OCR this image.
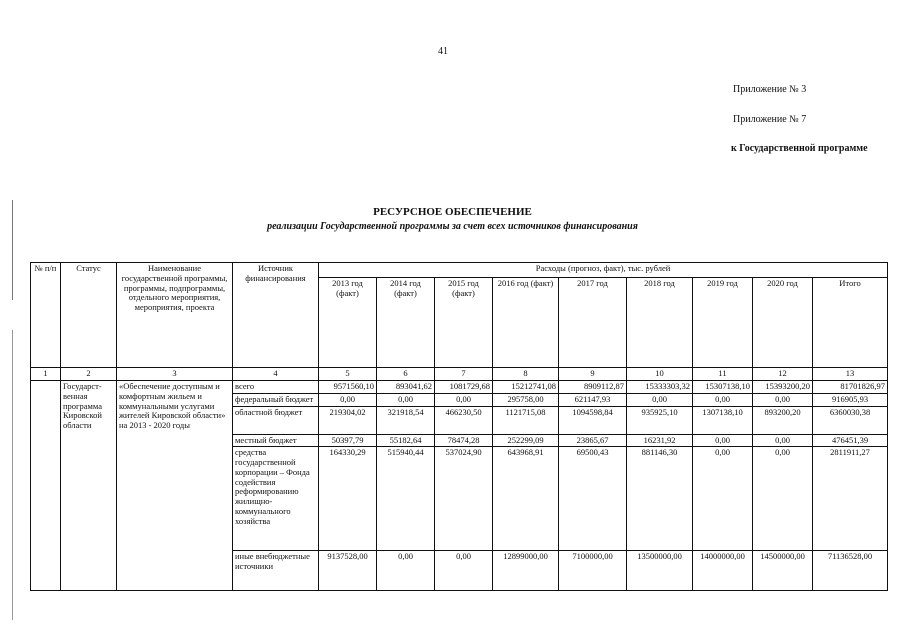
41
Приложение № 3
Приложение № 7
к Государственной программе
РЕСУРСНОЕ ОБЕСПЕЧЕНИЕ
реализации Государственной программы за счет всех источников финансирования
№ п/п	Статус	Наименование государственной программы, программы, подпрограммы, отдельного мероприятия, мероприятия, проекта	Источник финансирования	Расходы (прогноз, факт), тыс. рублей								
				2013 год (факт)	2014 год (факт)	2015 год (факт)	2016 год (факт)	2017 год	2018 год	2019 год	2020 год	Итого
1	2	3	4	5	6	7	8	9	10	11	12	13
	Государст-венная программа Кировской области	«Обеспечение доступным и комфортным жильем и коммунальными услугами жителей Кировской области» на 2013 - 2020 годы	всего	9571560,10	893041,62	1081729,68	15212741,08	8909112,87	15333303,32	15307138,10	15393200,20	81701826,97
			федеральный бюджет	0,00	0,00	0,00	295758,00	621147,93	0,00	0,00	0,00	916905,93
			областной бюджет	219304,02	321918,54	466230,50	1121715,08	1094598,84	935925,10	1307138,10	893200,20	6360030,38
			местный бюджет	50397,79	55182,64	78474,28	252299,09	23865,67	16231,92	0,00	0,00	476451,39
			средства государственной корпорации – Фонда содействия реформированию жилищно-коммунального хозяйства	164330,29	515940,44	537024,90	643968,91	69500,43	881146,30	0,00	0,00	2811911,27
			иные внебюджетные источники	9137528,00	0,00	0,00	12899000,00	7100000,00	13500000,00	14000000,00	14500000,00	71136528,00
